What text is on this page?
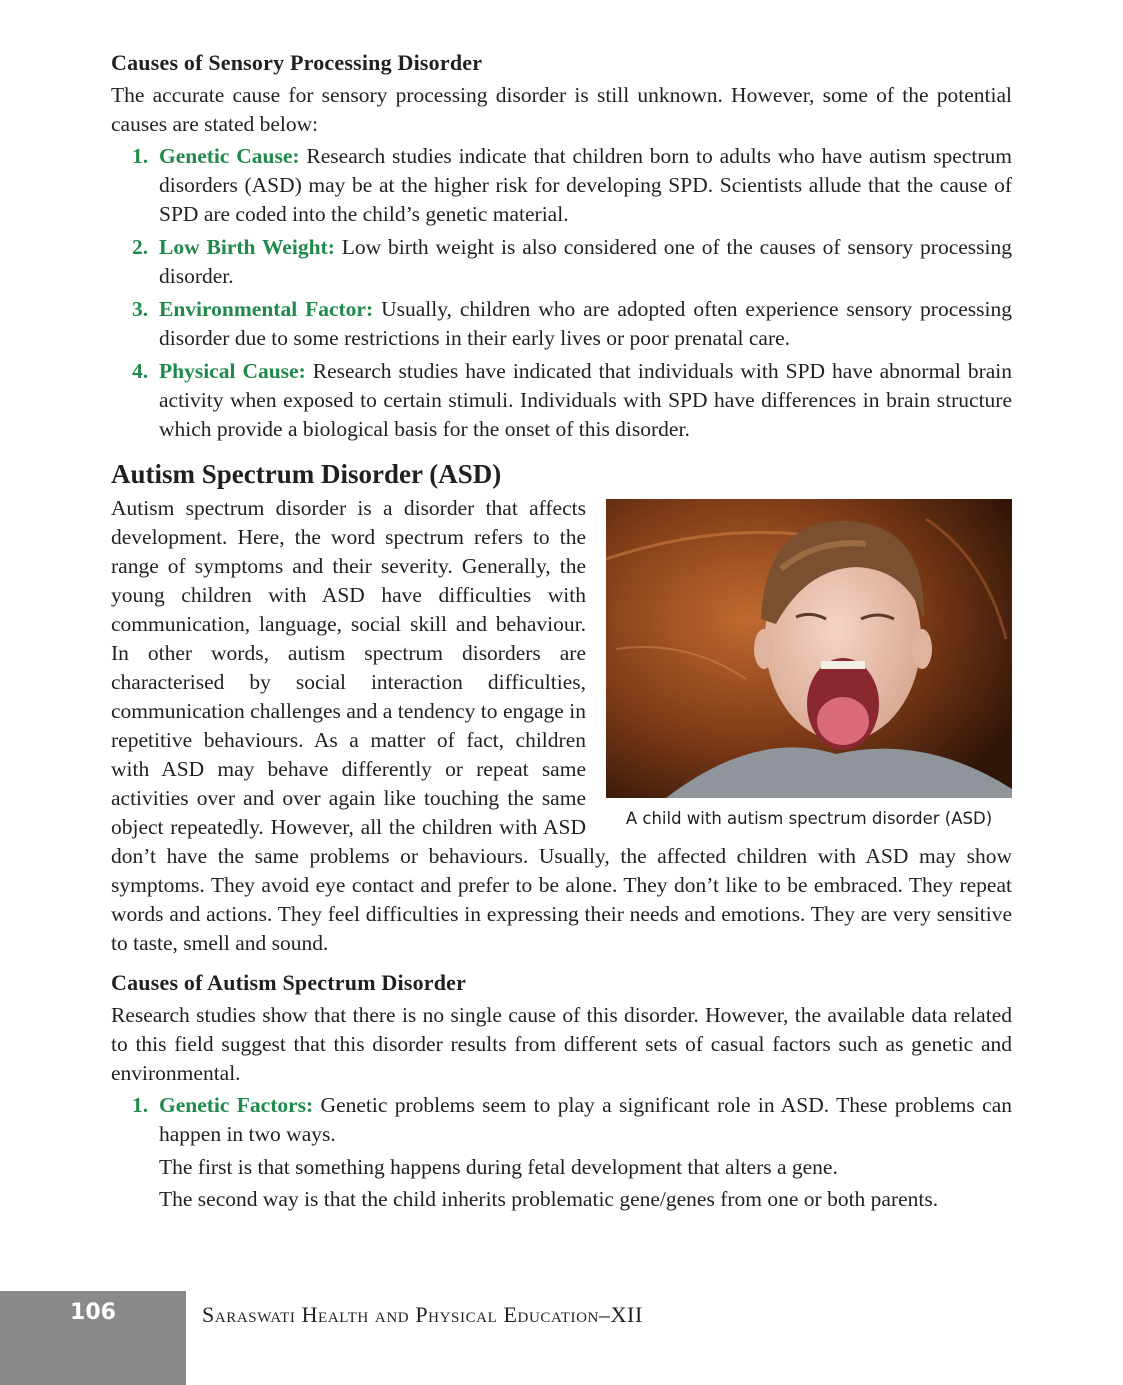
Causes of Sensory Processing Disorder

The accurate cause for sensory processing disorder is still unknown. However, some of the potential causes are stated below:

1. Genetic Cause: Research studies indicate that children born to adults who have autism spectrum disorders (ASD) may be at the higher risk for developing SPD. Scientists allude that the cause of SPD are coded into the child’s genetic material.
2. Low Birth Weight: Low birth weight is also considered one of the causes of sensory processing disorder.
3. Environmental Factor: Usually, children who are adopted often experience sensory processing disorder due to some restrictions in their early lives or poor prenatal care.
4. Physical Cause: Research studies have indicated that individuals with SPD have abnormal brain activity when exposed to certain stimuli. Individuals with SPD have differences in brain structure which provide a biological basis for the onset of this disorder.
Autism Spectrum Disorder (ASD)
A child with autism spectrum disorder (ASD)

Autism spectrum disorder is a disorder that affects development. Here, the word spectrum refers to the range of symptoms and their severity. Generally, the young children with ASD have difficulties with communication, language, social skill and behaviour. In other words, autism spectrum disorders are characterised by social interaction difficulties, communication challenges and a tendency to engage in repetitive behaviours. As a matter of fact, children with ASD may behave differently or repeat same activities over and over again like touching the same object repeatedly. However, all the children with ASD don’t have the same problems or behaviours. Usually, the affected children with ASD may show symptoms. They avoid eye contact and prefer to be alone. They don’t like to be embraced. They repeat words and actions. They feel difficulties in expressing their needs and emotions. They are very sensitive to taste, smell and sound.

Causes of Autism Spectrum Disorder

Research studies show that there is no single cause of this disorder. However, the available data related to this field suggest that this disorder results from different sets of casual factors such as genetic and environmental.

1. Genetic Factors: Genetic problems seem to play a significant role in ASD. These problems can happen in two ways.

The first is that something happens during fetal development that alters a gene.

The second way is that the child inherits problematic gene/genes from one or both parents.

106	Saraswati Health and Physical Education–XII
